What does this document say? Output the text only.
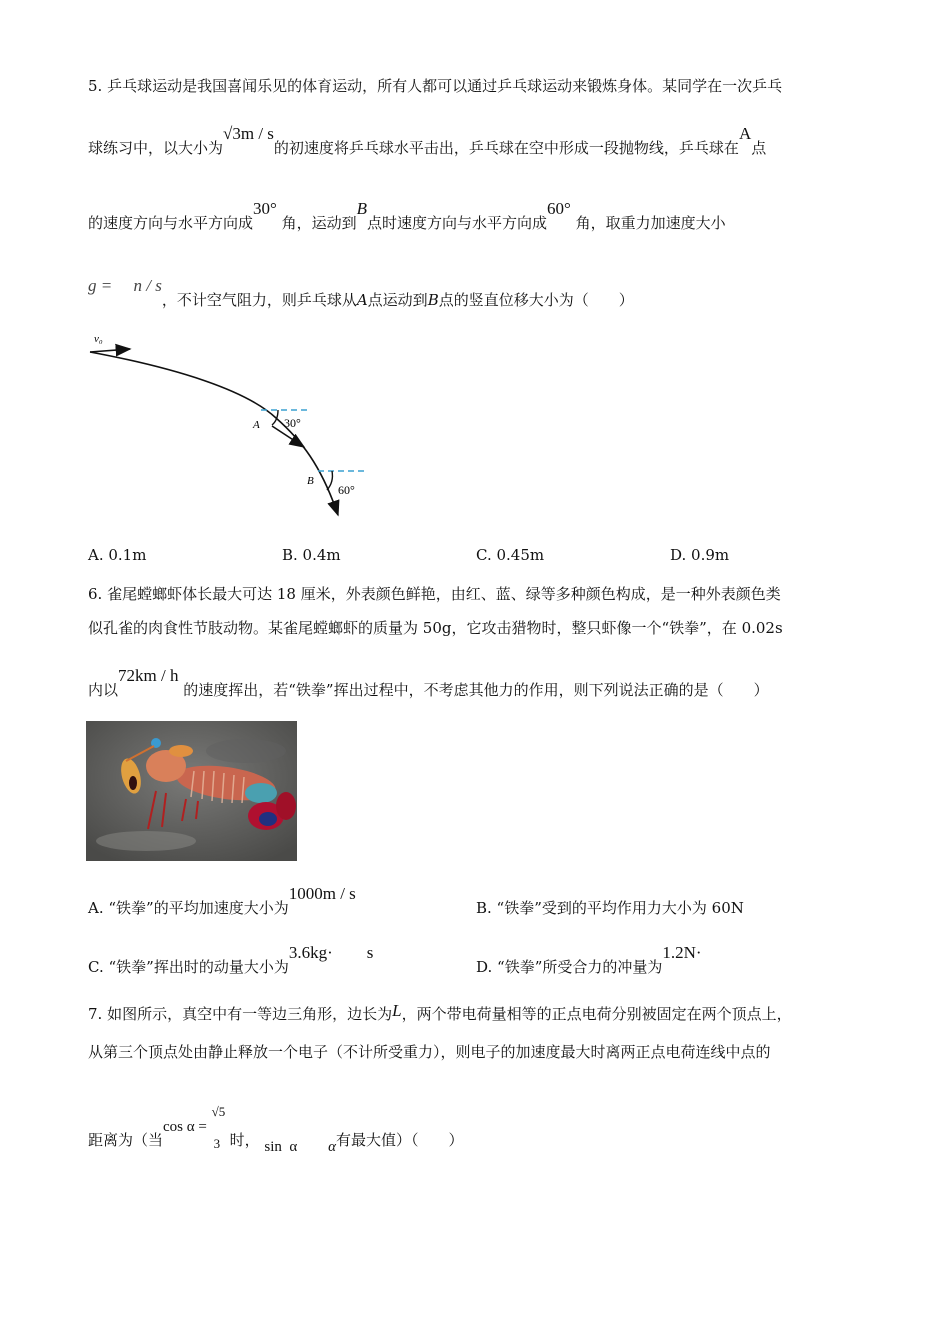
5. 乒乓球运动是我国喜闻乐见的体育运动，所有人都可以通过乒乓球运动来锻炼身体。某同学在一次乒乓
球练习中，以大小为√3m / s的初速度将乒乓球水平击出，乒乓球在空中形成一段抛物线，乒乓球在A点
的速度方向与水平方向成30° 角，运动到B点时速度方向与水平方向成60° 角，取重力加速度大小
g =     n / s，不计空气阻力，则乒乓球从A点运动到B点的竖直位移大小为（　　）
v₀
A 30°
B
60°
A. 0.1m	B. 0.4m	C. 0.45m	D. 0.9m
6. 雀尾螳螂虾体长最大可达 18 厘米，外表颜色鲜艳，由红、蓝、绿等多种颜色构成，是一种外表颜色类
似孔雀的肉食性节肢动物。某雀尾螳螂虾的质量为 50g，它攻击猎物时，整只虾像一个“铁拳”，在 0.02s
内以72km / h 的速度挥出，若“铁拳”挥出过程中，不考虑其他力的作用，则下列说法正确的是（　　）
A. “铁拳”的平均加速度大小为1000m / s
B. “铁拳”受到的平均作用力大小为 60N
C. “铁拳”挥出时的动量大小为3.6kg·　　s
D. “铁拳”所受合力的冲量为1.2N·
7. 如图所示，真空中有一等边三角形，边长为L，两个带电荷量相等的正点电荷分别被固定在两个顶点上，
从第三个顶点处由静止释放一个电子（不计所受重力），则电子的加速度最大时离两正点电荷连线中点的
距离为（当cos α =
√5
3 时， sin  α α有最大值）（　　）
